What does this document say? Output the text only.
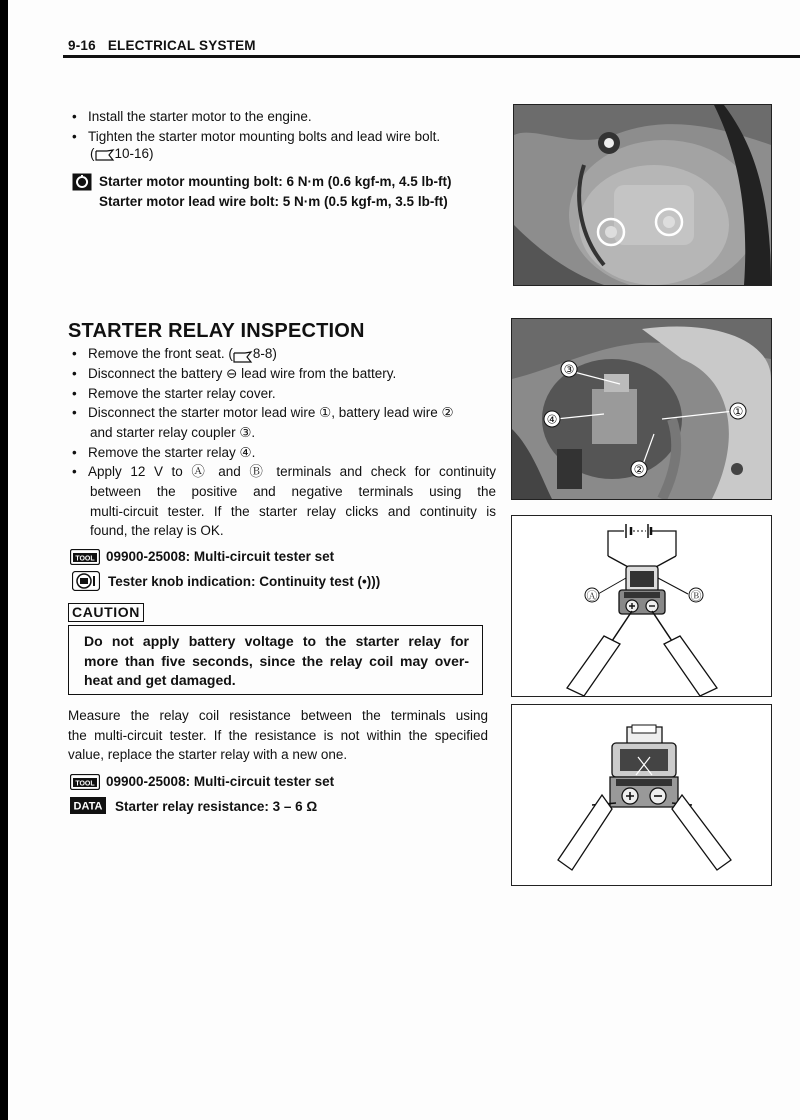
9-16 ELECTRICAL SYSTEM
• Install the starter motor to the engine.
• Tighten the starter motor mounting bolts and lead wire bolt.
( 10-16)
Starter motor mounting bolt: 6 N·m (0.6 kgf-m, 4.5 lb-ft)
Starter motor lead wire bolt: 5 N·m (0.5 kgf-m, 3.5 lb-ft)
STARTER RELAY INSPECTION
• Remove the front seat. ( 8-8)
• Disconnect the battery ⊖ lead wire from the battery.
• Remove the starter relay cover.
• Disconnect the starter motor lead wire ①, battery lead wire ②
and starter relay coupler ③.
• Remove the starter relay ④.
• Apply 12 V to Ⓐ and Ⓑ terminals and check for continuity
between the positive and negative terminals using the
multi-circuit tester. If the starter relay clicks and continuity is
found, the relay is OK.
TOOL 09900-25008: Multi-circuit tester set
Tester knob indication: Continuity test (•)))
CAUTION
Do not apply battery voltage to the starter relay for
more than five seconds, since the relay coil may over-
heat and get damaged.
Measure the relay coil resistance between the terminals using
the multi-circuit tester. If the resistance is not within the specified
value, replace the starter relay with a new one.
TOOL 09900-25008: Multi-circuit tester set
DATA Starter relay resistance: 3 – 6 Ω
③
④
①
②
Ⓐ	Ⓑ
